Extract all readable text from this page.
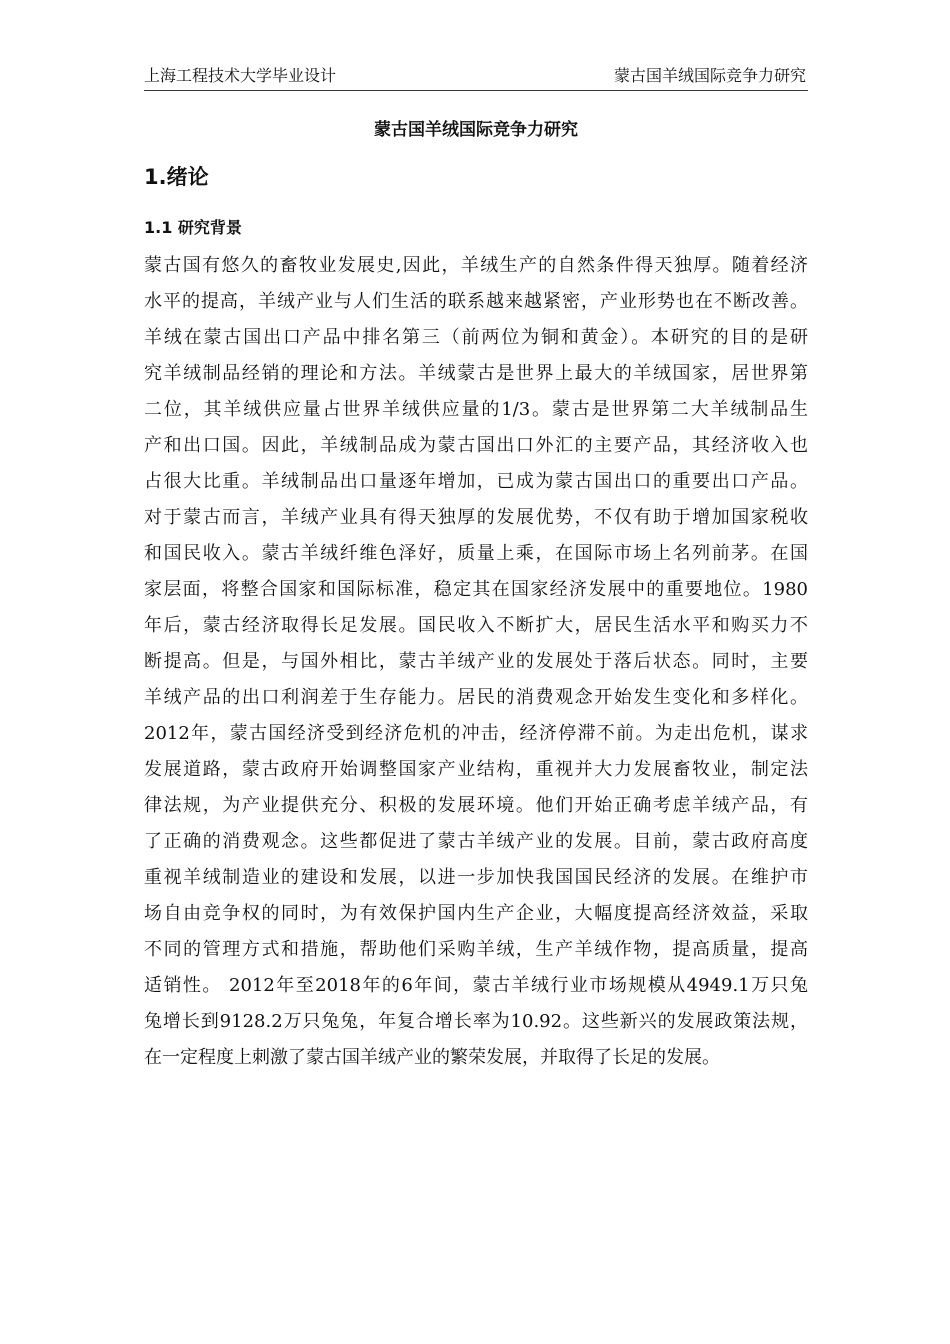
上海工程技术大学毕业设计	蒙古国羊绒国际竞争力研究
蒙古国羊绒国际竞争力研究
1.绪论
1.1 研究背景
蒙古国有悠久的畜牧业发展史,因此，羊绒生产的自然条件得天独厚。随着经济
水平的提高，羊绒产业与人们生活的联系越来越紧密，产业形势也在不断改善。
羊绒在蒙古国出口产品中排名第三（前两位为铜和黄金）。本研究的目的是研
究羊绒制品经销的理论和方法。羊绒蒙古是世界上最大的羊绒国家，居世界第
二位，其羊绒供应量占世界羊绒供应量的1/3。蒙古是世界第二大羊绒制品生
产和出口国。因此，羊绒制品成为蒙古国出口外汇的主要产品，其经济收入也
占很大比重。羊绒制品出口量逐年增加，已成为蒙古国出口的重要出口产品。
对于蒙古而言，羊绒产业具有得天独厚的发展优势，不仅有助于增加国家税收
和国民收入。蒙古羊绒纤维色泽好，质量上乘，在国际市场上名列前茅。在国
家层面，将整合国家和国际标准，稳定其在国家经济发展中的重要地位。1980
年后，蒙古经济取得长足发展。国民收入不断扩大，居民生活水平和购买力不
断提高。但是，与国外相比，蒙古羊绒产业的发展处于落后状态。同时，主要
羊绒产品的出口利润差于生存能力。居民的消费观念开始发生变化和多样化。
2012年，蒙古国经济受到经济危机的冲击，经济停滞不前。为走出危机，谋求
发展道路，蒙古政府开始调整国家产业结构，重视并大力发展畜牧业，制定法
律法规，为产业提供充分、积极的发展环境。他们开始正确考虑羊绒产品，有
了正确的消费观念。这些都促进了蒙古羊绒产业的发展。目前，蒙古政府高度
重视羊绒制造业的建设和发展，以进一步加快我国国民经济的发展。在维护市
场自由竞争权的同时，为有效保护国内生产企业，大幅度提高经济效益，采取
不同的管理方式和措施，帮助他们采购羊绒，生产羊绒作物，提高质量，提高
适销性。 2012年至2018年的6年间，蒙古羊绒行业市场规模从4949.1万只兔
兔增长到9128.2万只兔兔，年复合增长率为10.92。这些新兴的发展政策法规，
在一定程度上刺激了蒙古国羊绒产业的繁荣发展，并取得了长足的发展。
